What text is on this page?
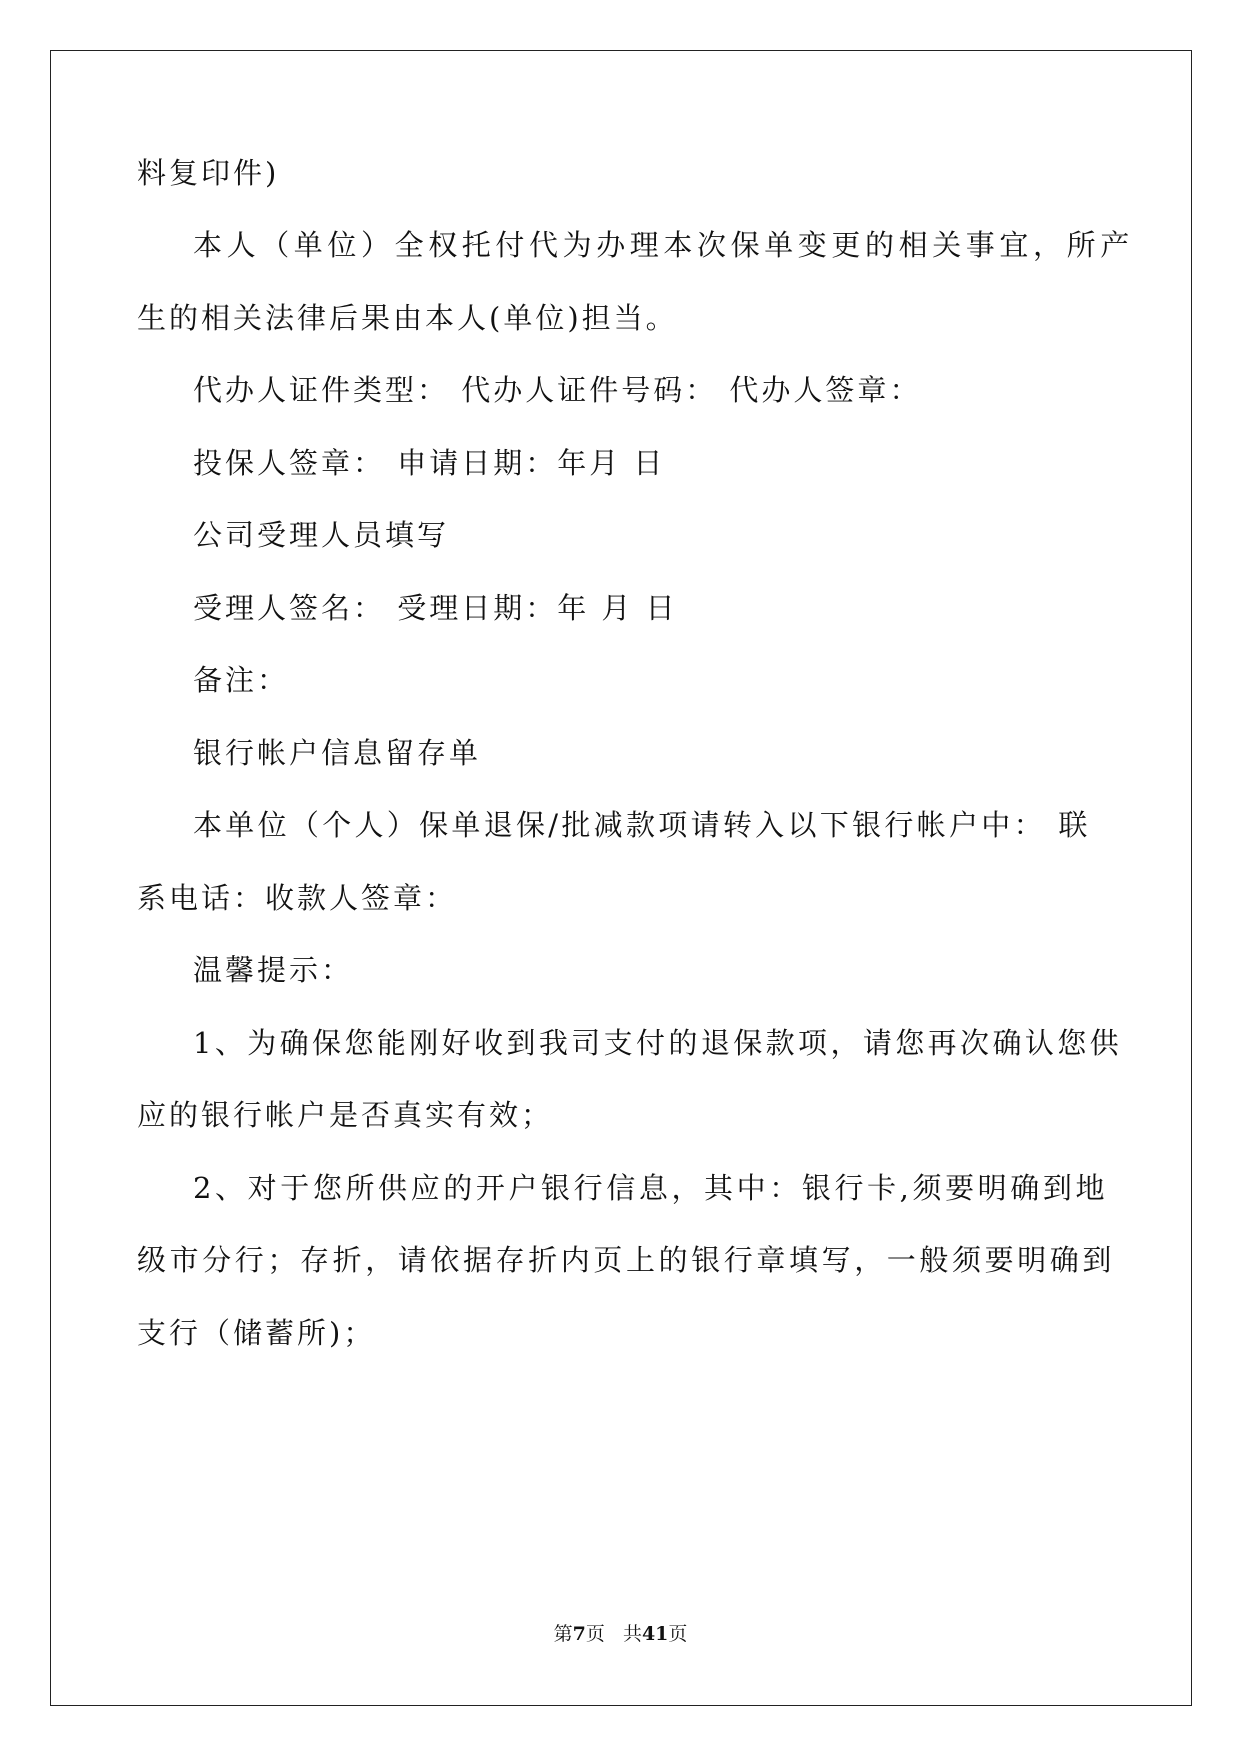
料复印件)
本人（单位）全权托付代为办理本次保单变更的相关事宜，所产
生的相关法律后果由本人(单位)担当。
代办人证件类型： 代办人证件号码： 代办人签章：
投保人签章： 申请日期：年月 日
公司受理人员填写
受理人签名： 受理日期：年 月 日
备注：
银行帐户信息留存单
本单位（个人）保单退保/批减款项请转入以下银行帐户中： 联
系电话：收款人签章：
温馨提示：
1、为确保您能刚好收到我司支付的退保款项，请您再次确认您供
应的银行帐户是否真实有效；
2、对于您所供应的开户银行信息，其中：银行卡,须要明确到地
级市分行；存折，请依据存折内页上的银行章填写，一般须要明确到
支行（储蓄所)；
第7页   共41页
